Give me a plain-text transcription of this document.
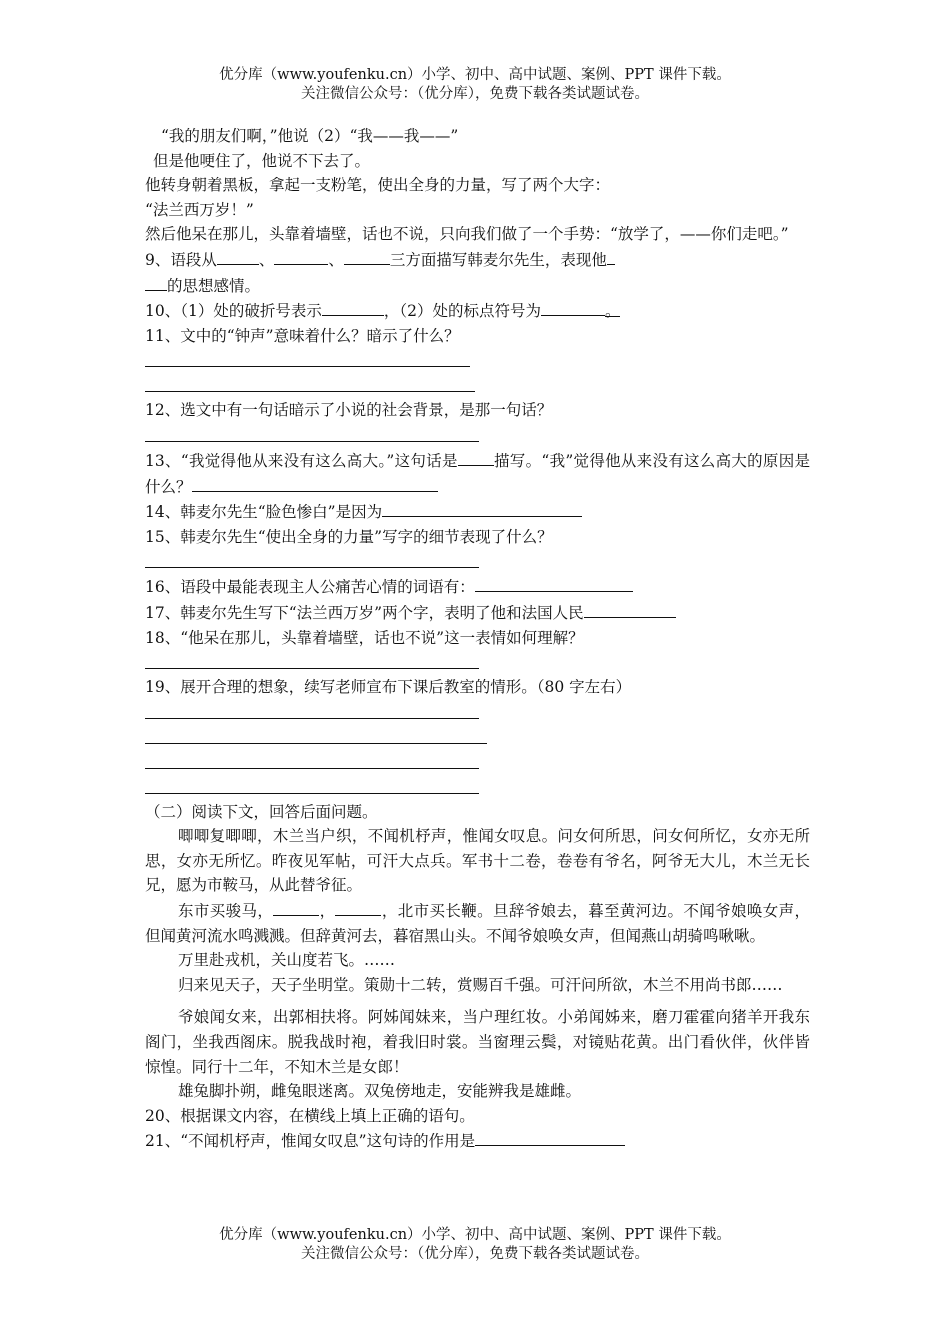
优分库（www.youfenku.cn）小学、初中、高中试题、案例、PPT 课件下载。
关注微信公众号：（优分库），免费下载各类试题试卷。
“我的朋友们啊，”他说（2）“我——我——”
但是他哽住了，他说不下去了。
他转身朝着黑板，拿起一支粉笔，使出全身的力量，写了两个大字：
“法兰西万岁！”
然后他呆在那儿，头靠着墙壁，话也不说，只向我们做了一个手势：“放学了，——你们走吧。”
9、语段从	、	、	三方面描写韩麦尔先生，表现他
的思想感情。
10、（1）处的破折号表示	，（2）处的标点符号为	。
11、文中的“钟声”意味着什么？暗示了什么？
12、选文中有一句话暗示了小说的社会背景，是那一句话？
13、“我觉得他从来没有这么高大。”这句话是 描写。“我”觉得他从来没有这么高大的原因是什么？
14、韩麦尔先生“脸色惨白”是因为
15、韩麦尔先生“使出全身的力量”写字的细节表现了什么？
16、语段中最能表现主人公痛苦心情的词语有：
17、韩麦尔先生写下“法兰西万岁”两个字，表明了他和法国人民
18、“他呆在那儿，头靠着墙壁，话也不说”这一表情如何理解？
19、展开合理的想象，续写老师宣布下课后教室的情形。（80 字左右）
（二）阅读下文，回答后面问题。
唧唧复唧唧，木兰当户织，不闻机杼声，惟闻女叹息。问女何所思，问女何所忆，女亦无所思，女亦无所忆。昨夜见军帖，可汗大点兵。军书十二卷，卷卷有爷名，阿爷无大儿，木兰无长兄，愿为市鞍马，从此替爷征。
东市买骏马，	，	，北市买长鞭。旦辞爷娘去，暮至黄河边。不闻爷娘唤女声，但闻黄河流水鸣溅溅。但辞黄河去，暮宿黑山头。不闻爷娘唤女声，但闻燕山胡骑鸣啾啾。
万里赴戎机，关山度若飞。……
归来见天子，天子坐明堂。策勋十二转，赏赐百千强。可汗问所欲，木兰不用尚书郎……
爷娘闻女来，出郭相扶将。阿姊闻妹来，当户理红妆。小弟闻姊来，磨刀霍霍向猪羊开我东阁门，坐我西阁床。脱我战时袍，着我旧时裳。当窗理云鬓，对镜贴花黄。出门看伙伴，伙伴皆惊惶。同行十二年，不知木兰是女郎！
雄兔脚扑朔，雌兔眼迷离。双兔傍地走，安能辨我是雄雌。
20、根据课文内容，在横线上填上正确的语句。
21、“不闻机杼声，惟闻女叹息”这句诗的作用是
优分库（www.youfenku.cn）小学、初中、高中试题、案例、PPT 课件下载。
关注微信公众号：（优分库），免费下载各类试题试卷。
